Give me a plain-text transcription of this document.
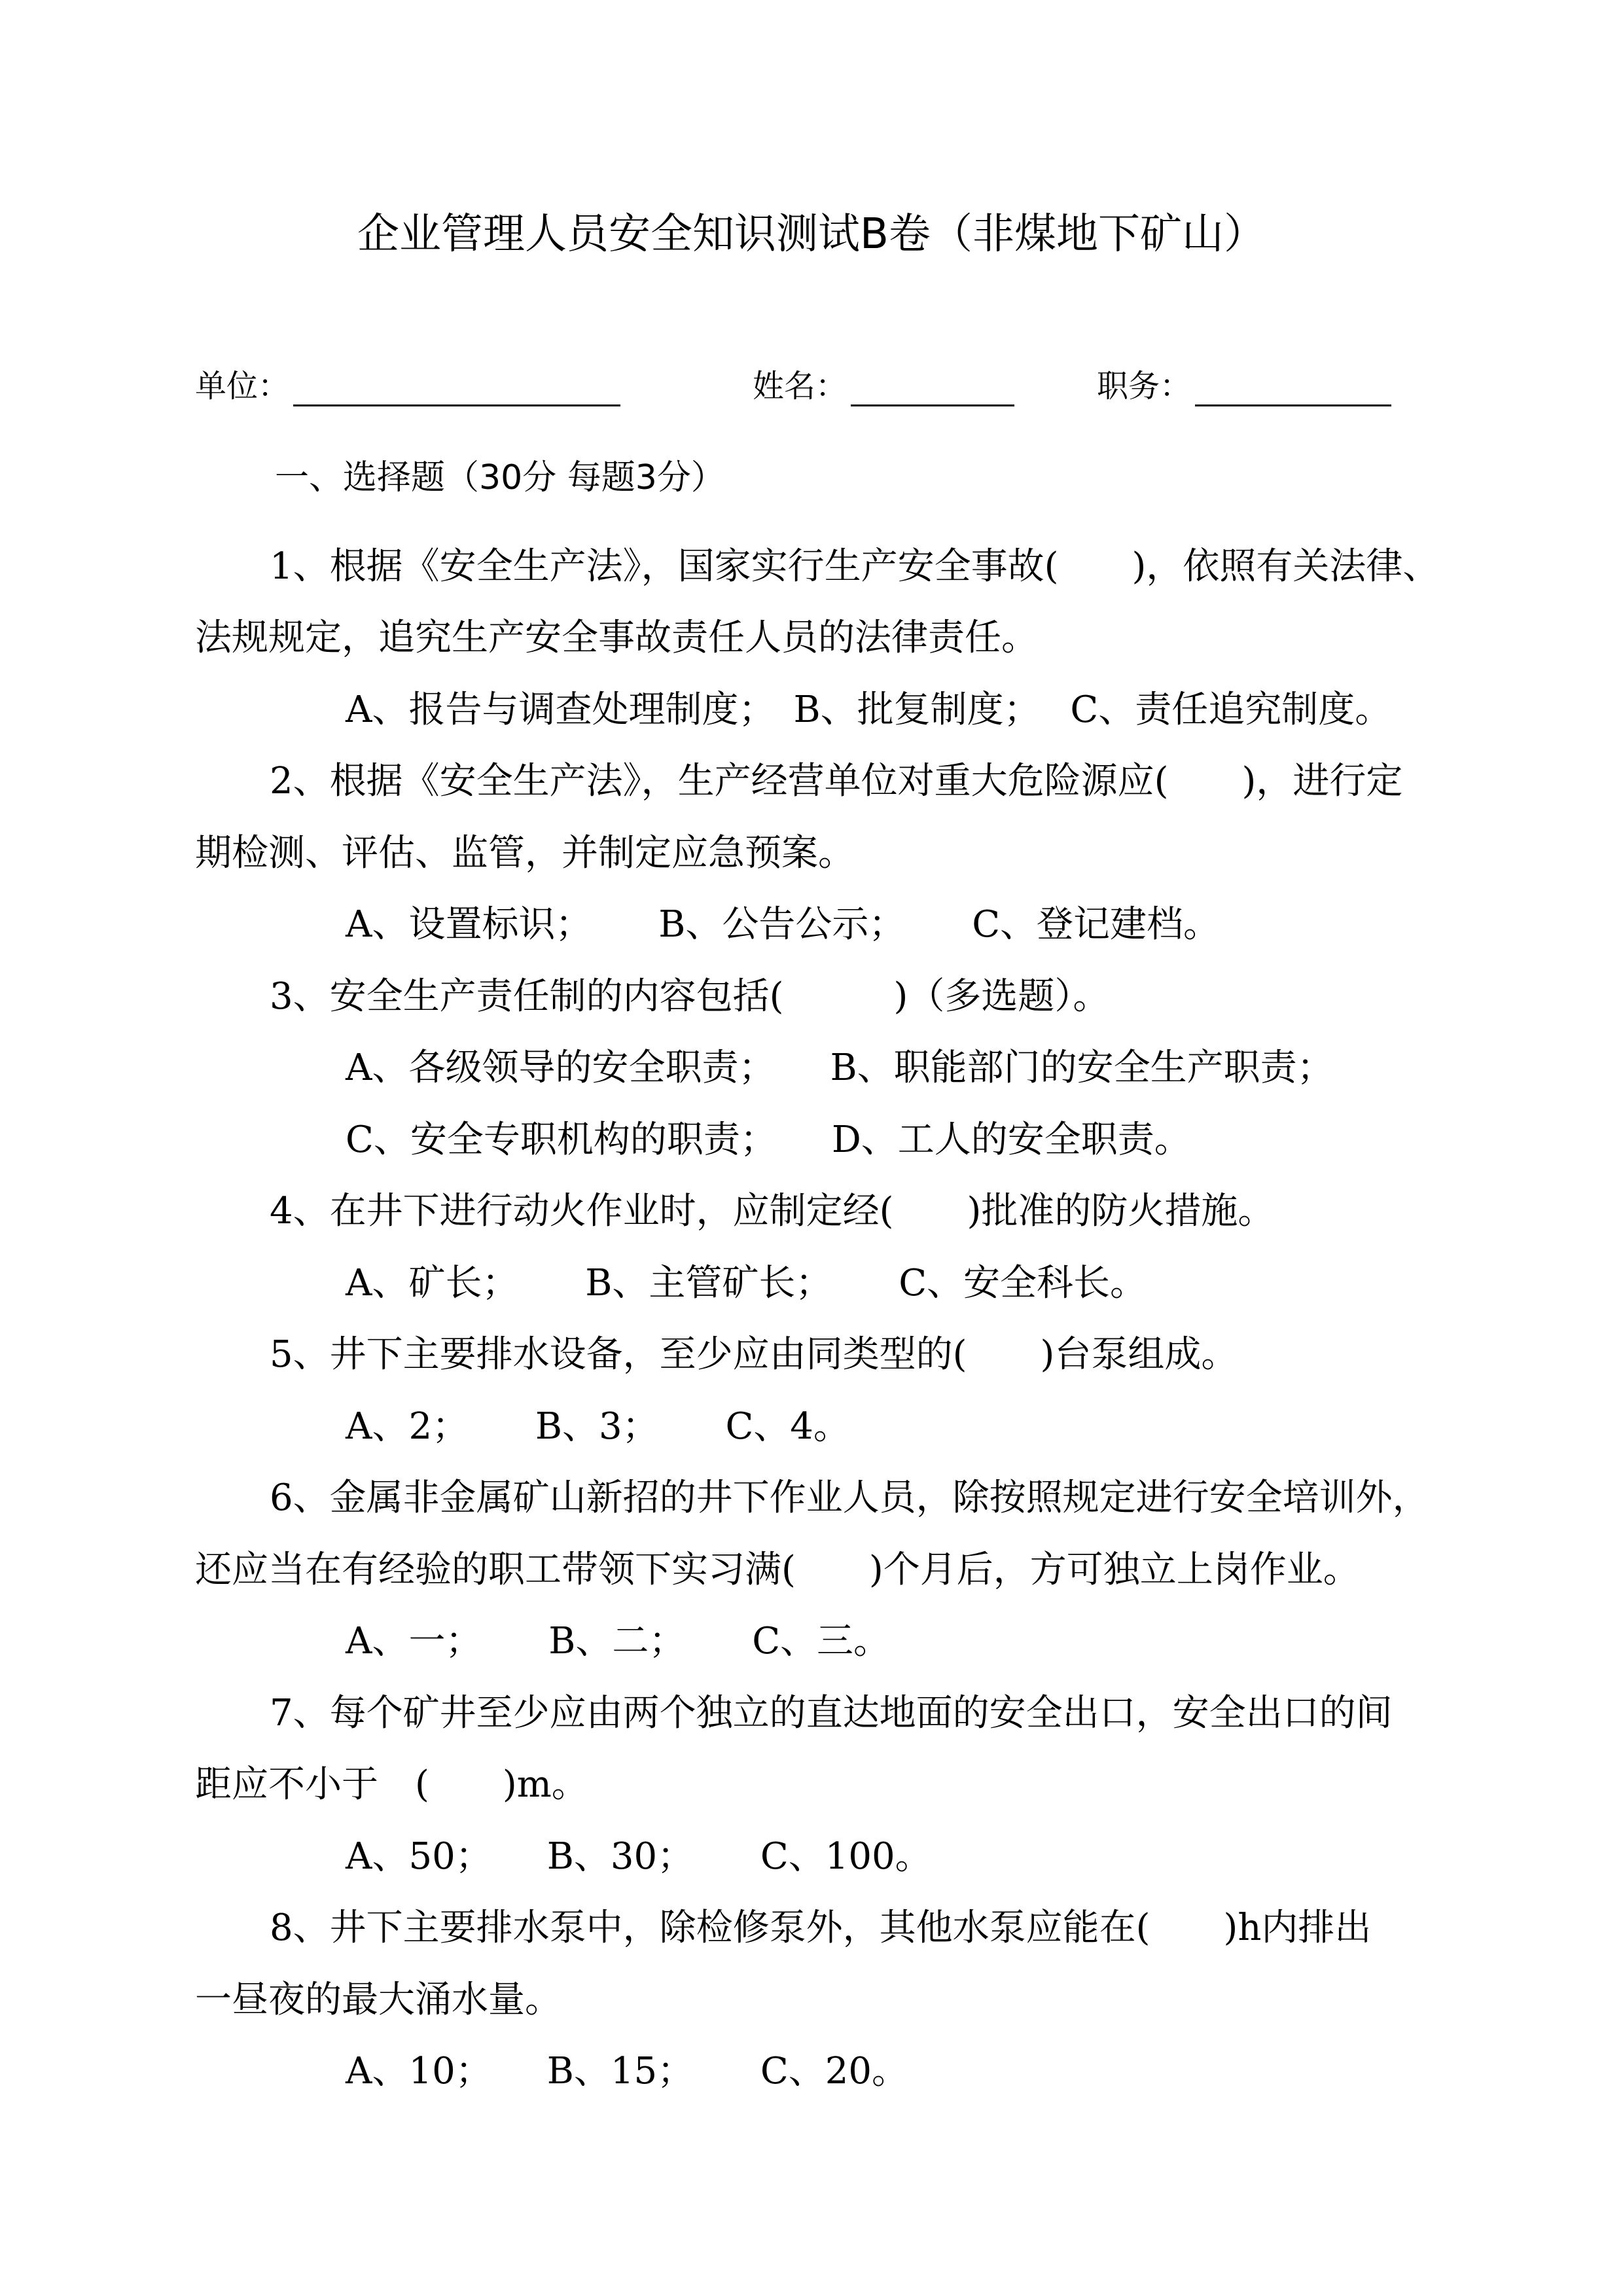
企业管理人员安全知识测试B卷（非煤地下矿山）
单位：	姓名：	职务：
一、选择题（30分 每题3分）
1、根据《安全生产法》，国家实行生产安全事故(　　)，依照有关法律、
法规规定，追究生产安全事故责任人员的法律责任。
A、报告与调查处理制度；　B、批复制度；　 C、责任追究制度。
2、根据《安全生产法》，生产经营单位对重大危险源应(　　)，进行定
期检测、评估、监管，并制定应急预案。
A、设置标识；　　 B、公告公示；　　 C、登记建档。
3、安全生产责任制的内容包括(　　　)（多选题）。
A、各级领导的安全职责；　　B、职能部门的安全生产职责；
C、安全专职机构的职责；　　D、工人的安全职责。
4、在井下进行动火作业时，应制定经(　　)批准的防火措施。
A、矿长；　　 B、主管矿长；　　 C、安全科长。
5、井下主要排水设备，至少应由同类型的(　　)台泵组成。
A、2；　　 B、3；　　 C、4。
6、金属非金属矿山新招的井下作业人员，除按照规定进行安全培训外，
还应当在有经验的职工带领下实习满(　　)个月后，方可独立上岗作业。
A、一；　　 B、二；　　 C、三。
7、每个矿井至少应由两个独立的直达地面的安全出口，安全出口的间
距应不小于　(　　)m。
A、50；　　B、30；　　 C、100。
8、井下主要排水泵中，除检修泵外，其他水泵应能在(　　)h内排出
一昼夜的最大涌水量。
A、10；　　B、15；　　 C、20。
